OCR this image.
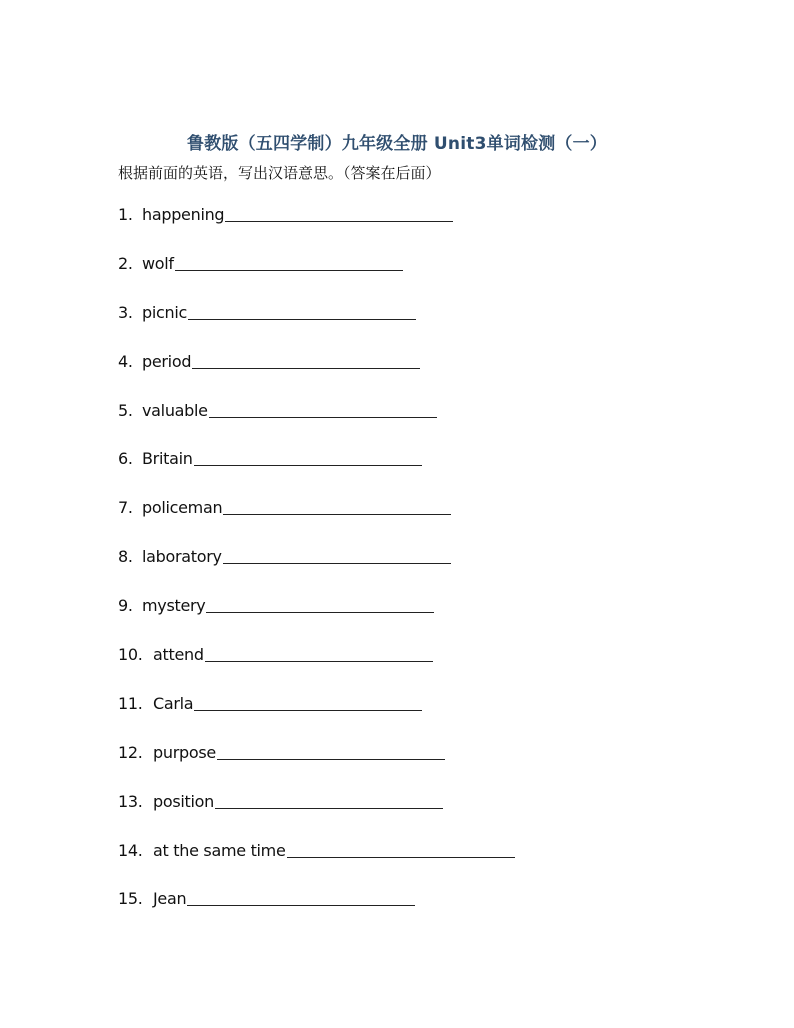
鲁教版（五四学制）九年级全册 Unit3单词检测（一）
根据前面的英语，写出汉语意思。（答案在后面）
1. happening
2. wolf
3. picnic
4. period
5. valuable
6. Britain
7. policeman
8. laboratory
9. mystery
10. attend
11. Carla
12. purpose
13. position
14. at the same time
15. Jean
